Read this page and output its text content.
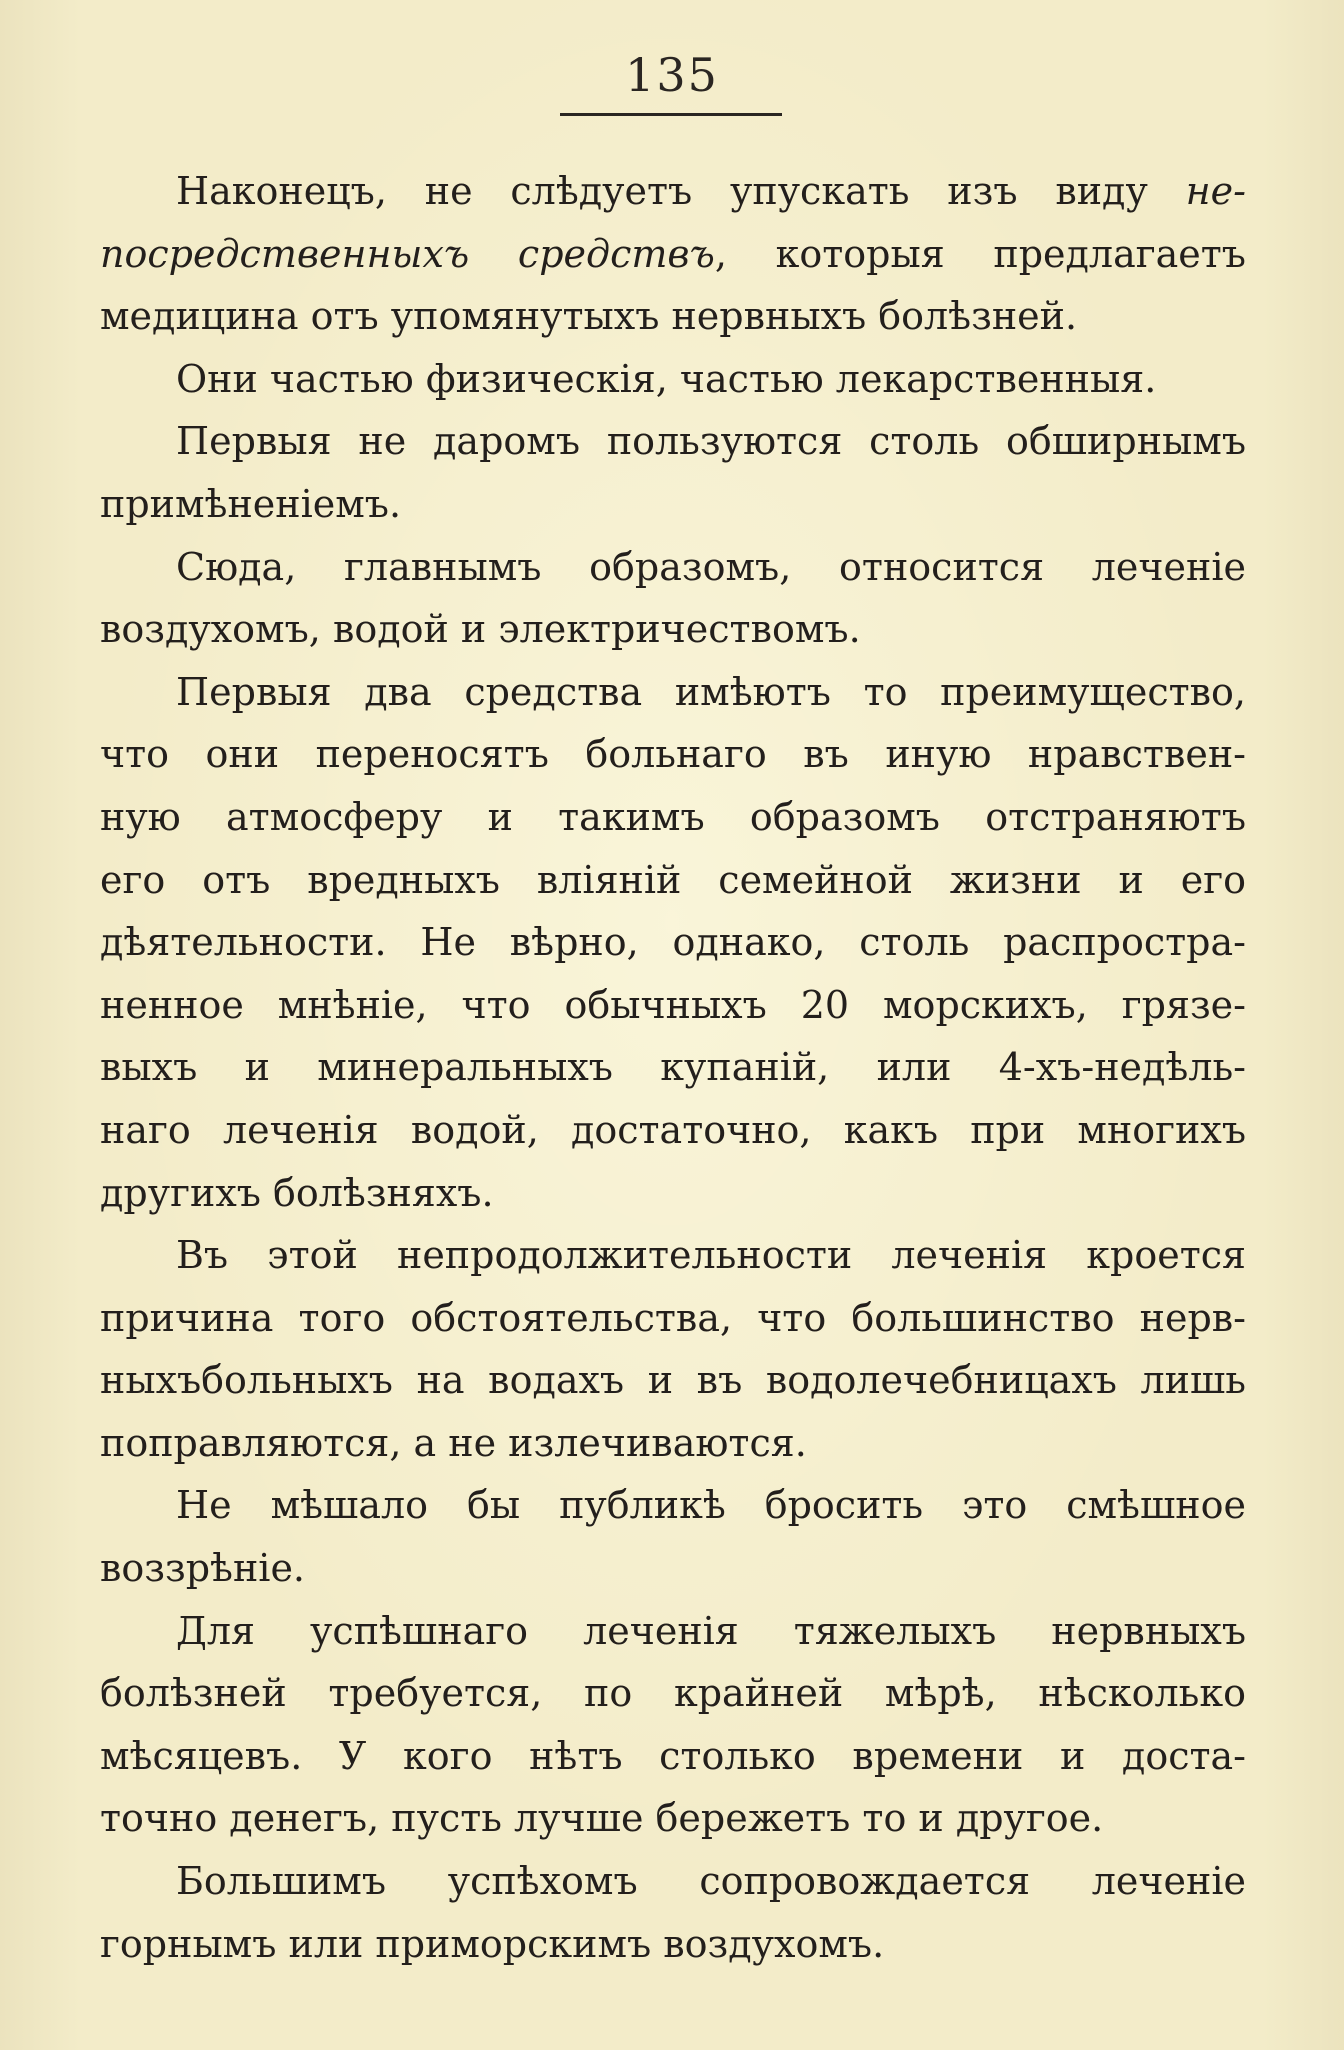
135
Наконецъ, не слѣдуетъ упускать изъ виду не-
посредственныхъ средствъ, которыя предлагаетъ
медицина отъ упомянутыхъ нервныхъ болѣзней.
Они частью физическія, частью лекарственныя.
Первыя не даромъ пользуются столь обширнымъ
примѣненіемъ.
Сюда, главнымъ образомъ, относится леченіе
воздухомъ, водой и электричествомъ.
Первыя два средства имѣютъ то преимущество,
что они переносятъ больнаго въ иную нравствен-
ную атмосферу и такимъ образомъ отстраняютъ
его отъ вредныхъ вліяній семейной жизни и его
дѣятельности. Не вѣрно, однако, столь распростра-
ненное мнѣніе, что обычныхъ 20 морскихъ, грязе-
выхъ и минеральныхъ купаній, или 4-хъ-недѣль-
наго леченія водой, достаточно, какъ при многихъ
другихъ болѣзняхъ.
Въ этой непродолжительности леченія кроется
причина того обстоятельства, что большинство нерв-
ныхъбольныхъ на водахъ и въ водолечебницахъ лишь
поправляются, а не излечиваются.
Не мѣшало бы публикѣ бросить это смѣшное
воззрѣніе.
Для успѣшнаго леченія тяжелыхъ нервныхъ
болѣзней требуется, по крайней мѣрѣ, нѣсколько
мѣсяцевъ. У кого нѣтъ столько времени и доста-
точно денегъ, пусть лучше бережетъ то и другое.
Большимъ успѣхомъ сопровождается леченіе
горнымъ или приморскимъ воздухомъ.
